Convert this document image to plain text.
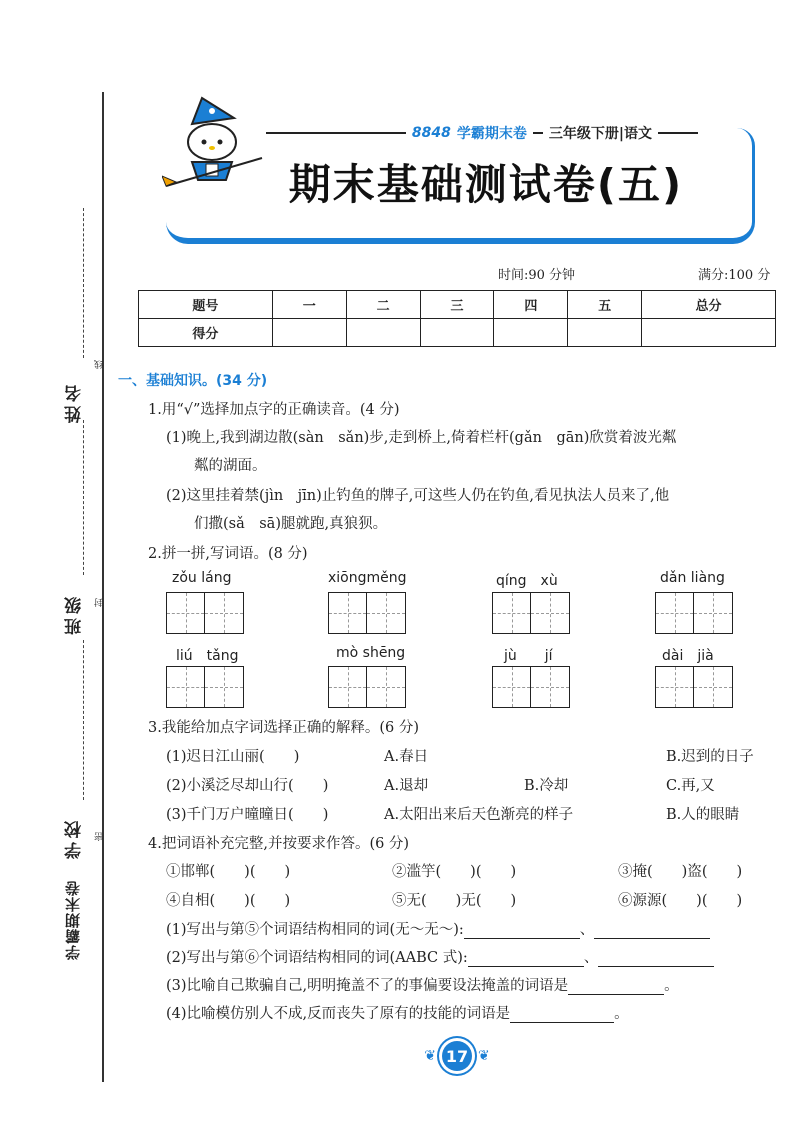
姓名
班级
学校
学霸期末卷
线
封
密
8848 学霸期末卷 三年级下册|语文
期末基础测试卷(五)
时间:90 分钟	满分:100 分
题号	一	二	三	四	五	总分
得分						
一、基础知识。(34 分)
1.用“√”选择加点字的正确读音。(4 分)
(1)晚上,我到湖边散(sàn　sǎn)步,走到桥上,倚着栏杆(gǎn　gān)欣赏着波光粼
粼的湖面。
(2)这里挂着禁(jìn　jīn)止钓鱼的牌子,可这些人仍在钓鱼,看见执法人员来了,他
们撒(sǎ　sā)腿就跑,真狼狈。
2.拼一拼,写词语。(8 分)
zǒu láng	xiōngměng	qíng　xù	dǎn liàng
liú　tǎng	mò shēng	jù　　jí	dài　jià
3.我能给加点字词选择正确的解释。(6 分)
(1)迟日江山丽(　　)	A.春日	B.迟到的日子
(2)小溪泛尽却山行(　　)	A.退却	B.冷却	C.再,又
(3)千门万户曈曈日(　　)	A.太阳出来后天色渐亮的样子	B.人的眼睛
4.把词语补充完整,并按要求作答。(6 分)
①邯郸(　　)(　　)	②滥竽(　　)(　　)	③掩(　　)盗(　　)
④自相(　　)(　　)	⑤无(　　)无(　　)	⑥源源(　　)(　　)
(1)写出与第⑤个词语结构相同的词(无～无～):	、
(2)写出与第⑥个词语结构相同的词(AABC 式):	、
(3)比喻自己欺骗自己,明明掩盖不了的事偏要设法掩盖的词语是	。
(4)比喻模仿别人不成,反而丧失了原有的技能的词语是	。
❦ 17 ❦
